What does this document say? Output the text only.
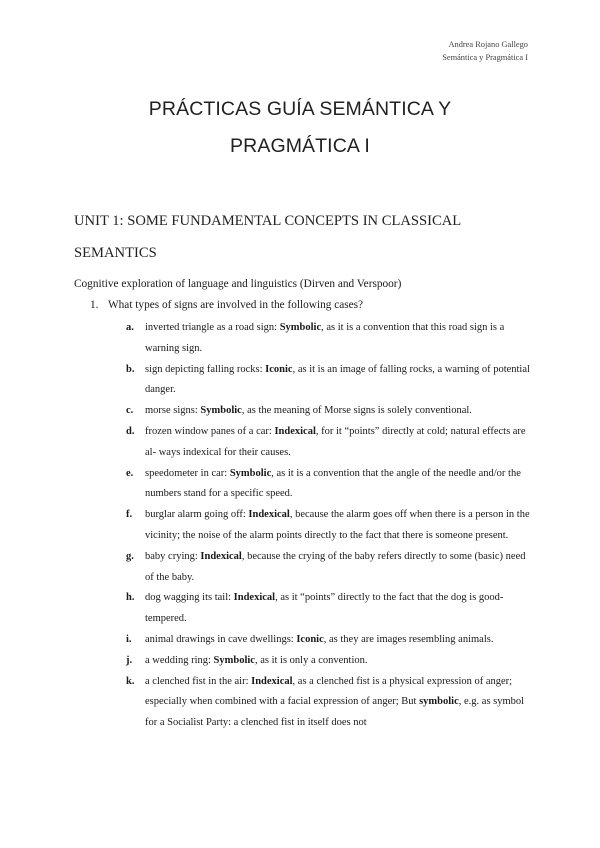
Andrea Rojano Gallego
Semántica y Pragmática I
PRÁCTICAS GUÍA SEMÁNTICA Y
PRAGMÁTICA I
UNIT 1: SOME FUNDAMENTAL CONCEPTS IN CLASSICAL
SEMANTICS
Cognitive exploration of language and linguistics (Dirven and Verspoor)
1. What types of signs are involved in the following cases?
a.	inverted triangle as a road sign: Symbolic, as it is a convention that this road sign is a warning sign.
b.	sign depicting falling rocks: Iconic, as it is an image of falling rocks, a warning of potential danger.
c.	morse signs: Symbolic, as the meaning of Morse signs is solely conventional.
d.	frozen window panes of a car: Indexical, for it “points” directly at cold; natural effects are al- ways indexical for their causes.
e.	speedometer in car: Symbolic, as it is a convention that the angle of the needle and/or the numbers stand for a specific speed.
f.	burglar alarm going off: Indexical, because the alarm goes off when there is a person in the vicinity; the noise of the alarm points directly to the fact that there is someone present.
g.	baby crying: Indexical, because the crying of the baby refers directly to some (basic) need of the baby.
h.	dog wagging its tail: Indexical, as it “points” directly to the fact that the dog is good- tempered.
i.	animal drawings in cave dwellings: Iconic, as they are images resembling animals.
j.	a wedding ring: Symbolic, as it is only a convention.
k.	a clenched fist in the air: Indexical, as a clenched fist is a physical expression of anger; especially when combined with a facial expression of anger; But symbolic, e.g. as symbol for a Socialist Party: a clenched fist in itself does not
